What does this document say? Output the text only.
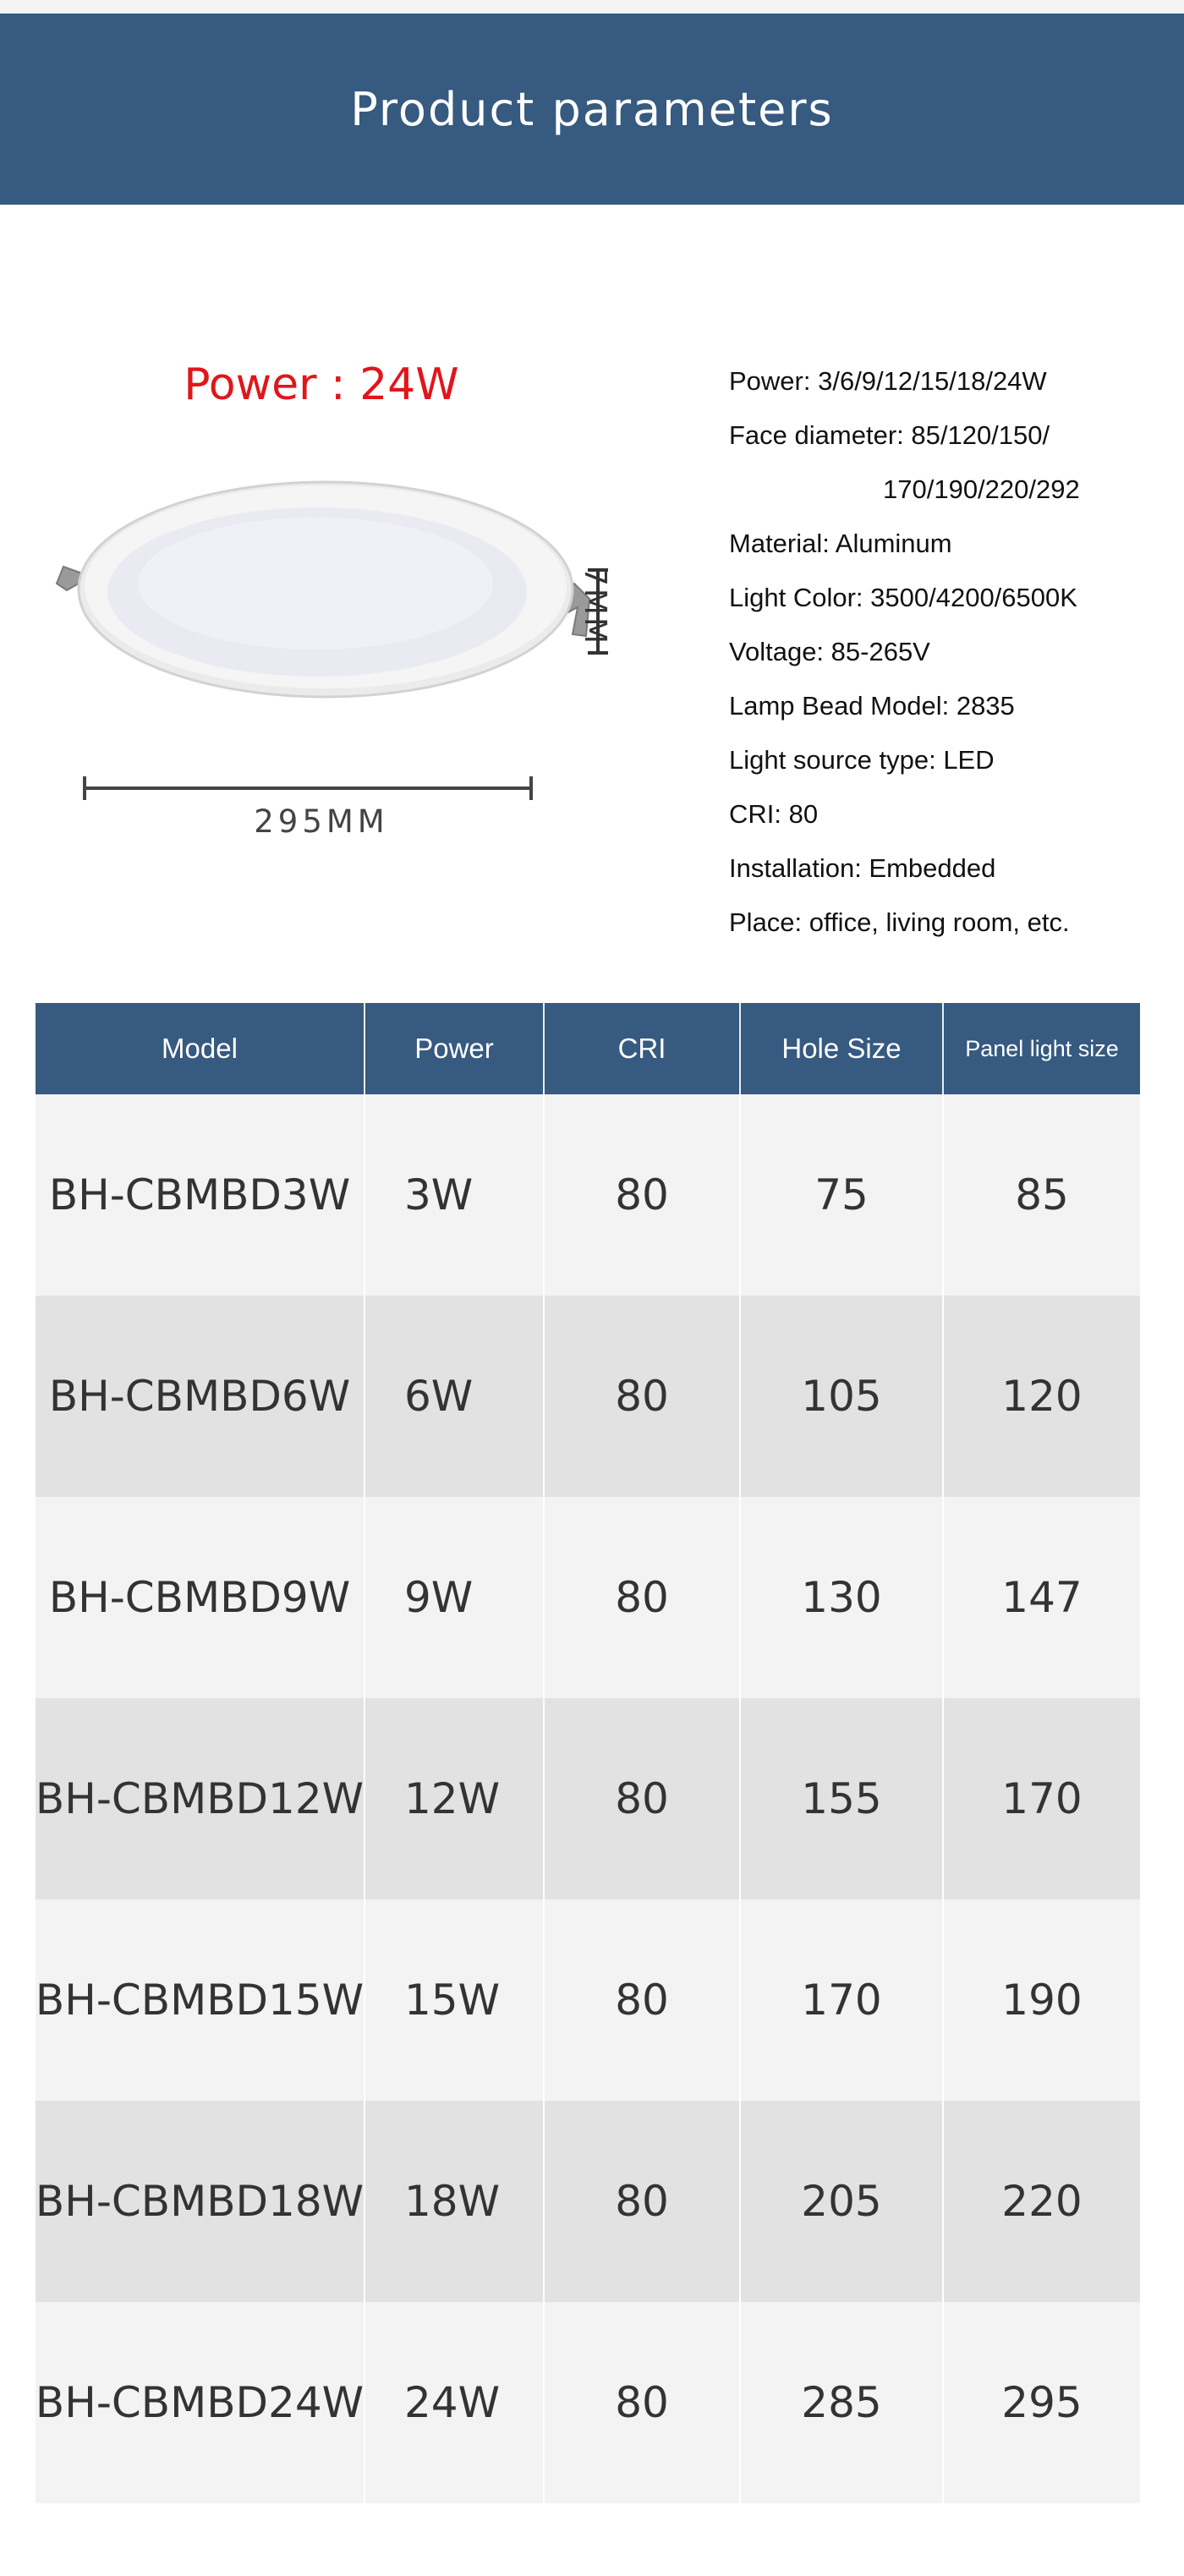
Product parameters
Power : 24W
295MM
7MM
Power: 3/6/9/12/15/18/24W
Face diameter: 85/120/150/
170/190/220/292
Material: Aluminum
Light Color: 3500/4200/6500K
Voltage: 85-265V
Lamp Bead Model: 2835
Light source type: LED
CRI: 80
Installation: Embedded
Place: office, living room, etc.
Model	Power	CRI	Hole Size	Panel light size
BH-CBMBD3W	3W	80	75	85
BH-CBMBD6W	6W	80	105	120
BH-CBMBD9W	9W	80	130	147
BH-CBMBD12W 12W	80	155	170
BH-CBMBD15W 15W	80	170	190
BH-CBMBD18W 18W	80	205	220
BH-CBMBD24W 24W	80	285	295
